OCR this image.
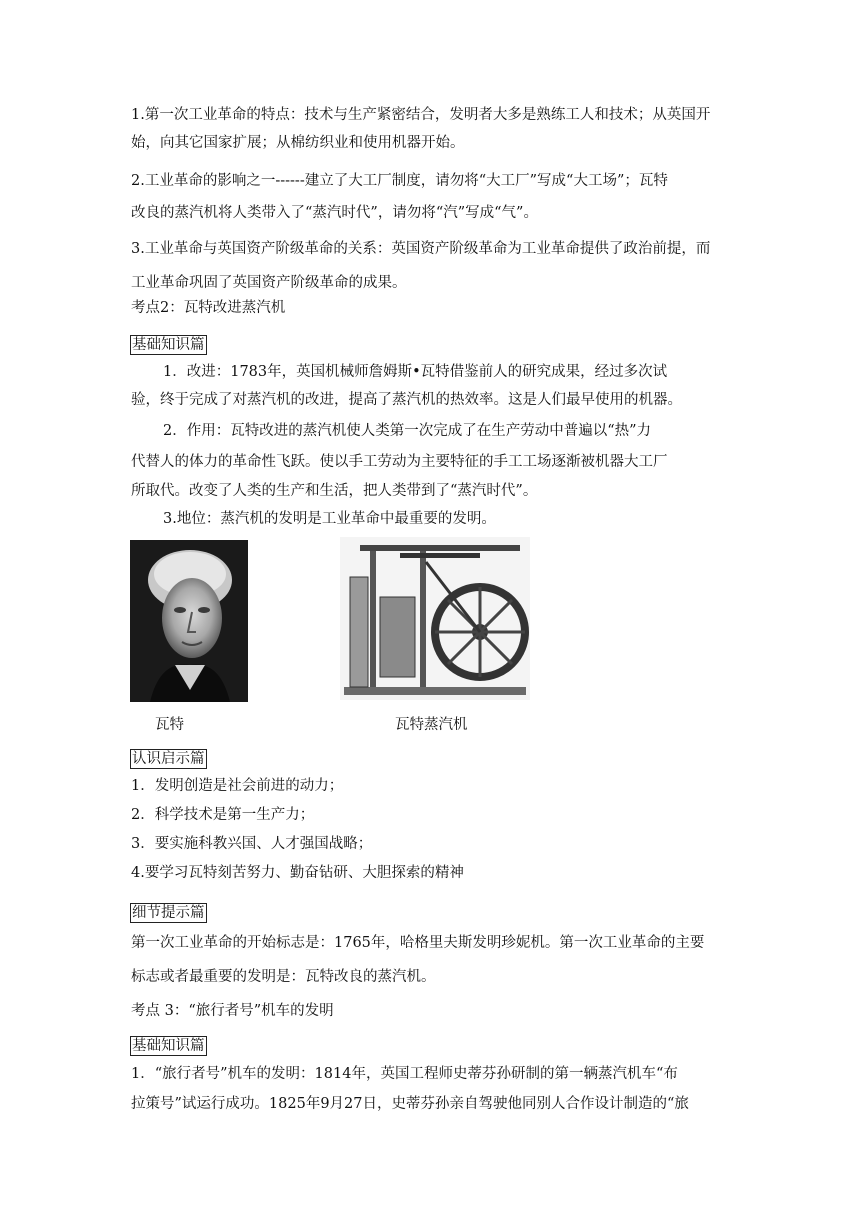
1.第一次工业革命的特点：技术与生产紧密结合，发明者大多是熟练工人和技术；从英国开
始，向其它国家扩展；从棉纺织业和使用机器开始。
2.工业革命的影响之一------建立了大工厂制度，请勿将“大工厂”写成“大工场”；瓦特
改良的蒸汽机将人类带入了“蒸汽时代”，请勿将“汽”写成“气”。
3.工业革命与英国资产阶级革命的关系：英国资产阶级革命为工业革命提供了政治前提，而
工业革命巩固了英国资产阶级革命的成果。
考点2：瓦特改进蒸汽机
基础知识篇
1．改进：1783年，英国机械师詹姆斯•瓦特借鉴前人的研究成果，经过多次试
验，终于完成了对蒸汽机的改进，提高了蒸汽机的热效率。这是人们最早使用的机器。
2．作用：瓦特改进的蒸汽机使人类第一次完成了在生产劳动中普遍以“热”力
代替人的体力的革命性飞跃。使以手工劳动为主要特征的手工工场逐渐被机器大工厂
所取代。改变了人类的生产和生活，把人类带到了“蒸汽时代”。
3.地位：蒸汽机的发明是工业革命中最重要的发明。
瓦特	瓦特蒸汽机
认识启示篇
1．发明创造是社会前进的动力；
2．科学技术是第一生产力；
3．要实施科教兴国、人才强国战略；
4.要学习瓦特刻苦努力、勤奋钻研、大胆探索的精神
细节提示篇
第一次工业革命的开始标志是：1765年，哈格里夫斯发明珍妮机。第一次工业革命的主要
标志或者最重要的发明是：瓦特改良的蒸汽机。
考点 3：“旅行者号”机车的发明
基础知识篇
1．“旅行者号”机车的发明：1814年，英国工程师史蒂芬孙研制的第一辆蒸汽机车“布
拉策号”试运行成功。1825年9月27日，史蒂芬孙亲自驾驶他同别人合作设计制造的“旅
